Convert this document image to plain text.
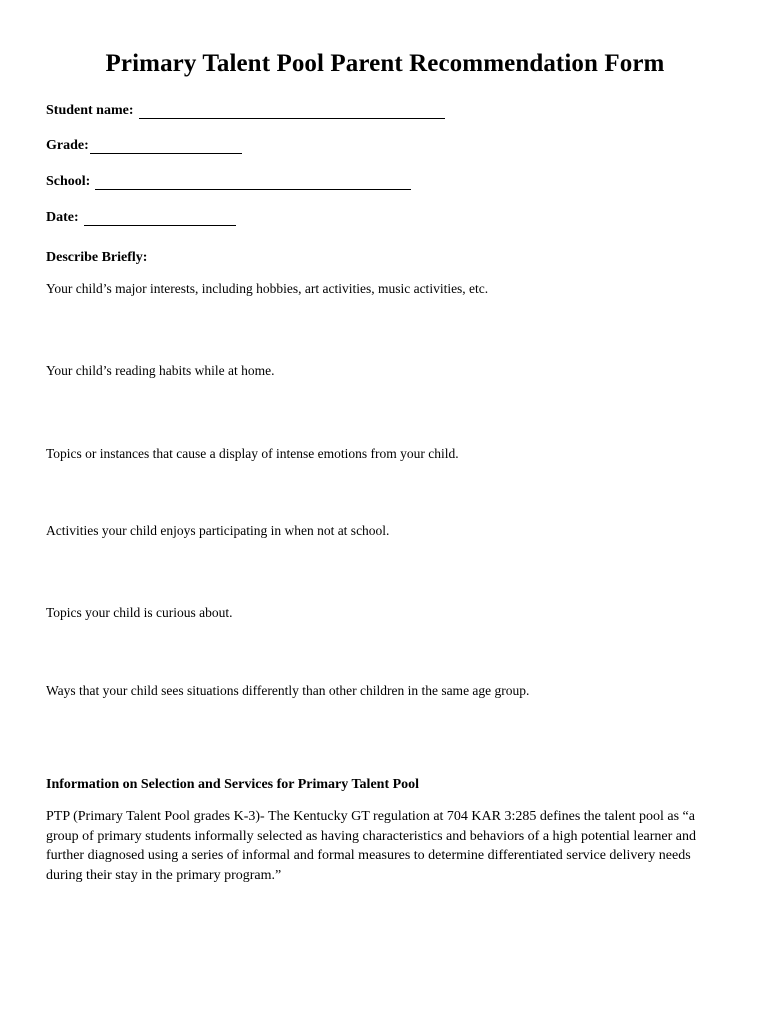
Primary Talent Pool Parent Recommendation Form
Student name:
Grade:
School:
Date:
Describe Briefly:
Your child’s major interests, including hobbies, art activities, music activities, etc.
Your child’s reading habits while at home.
Topics or instances that cause a display of intense emotions from your child.
Activities your child enjoys participating in when not at school.
Topics your child is curious about.
Ways that your child sees situations differently than other children in the same age group.
Information on Selection and Services for Primary Talent Pool

PTP (Primary Talent Pool grades K-3)- The Kentucky GT regulation at 704 KAR 3:285 defines the talent pool as “a group of primary students informally selected as having characteristics and behaviors of a high potential learner and further diagnosed using a series of informal and formal measures to determine differentiated service delivery needs during their stay in the primary program.”
